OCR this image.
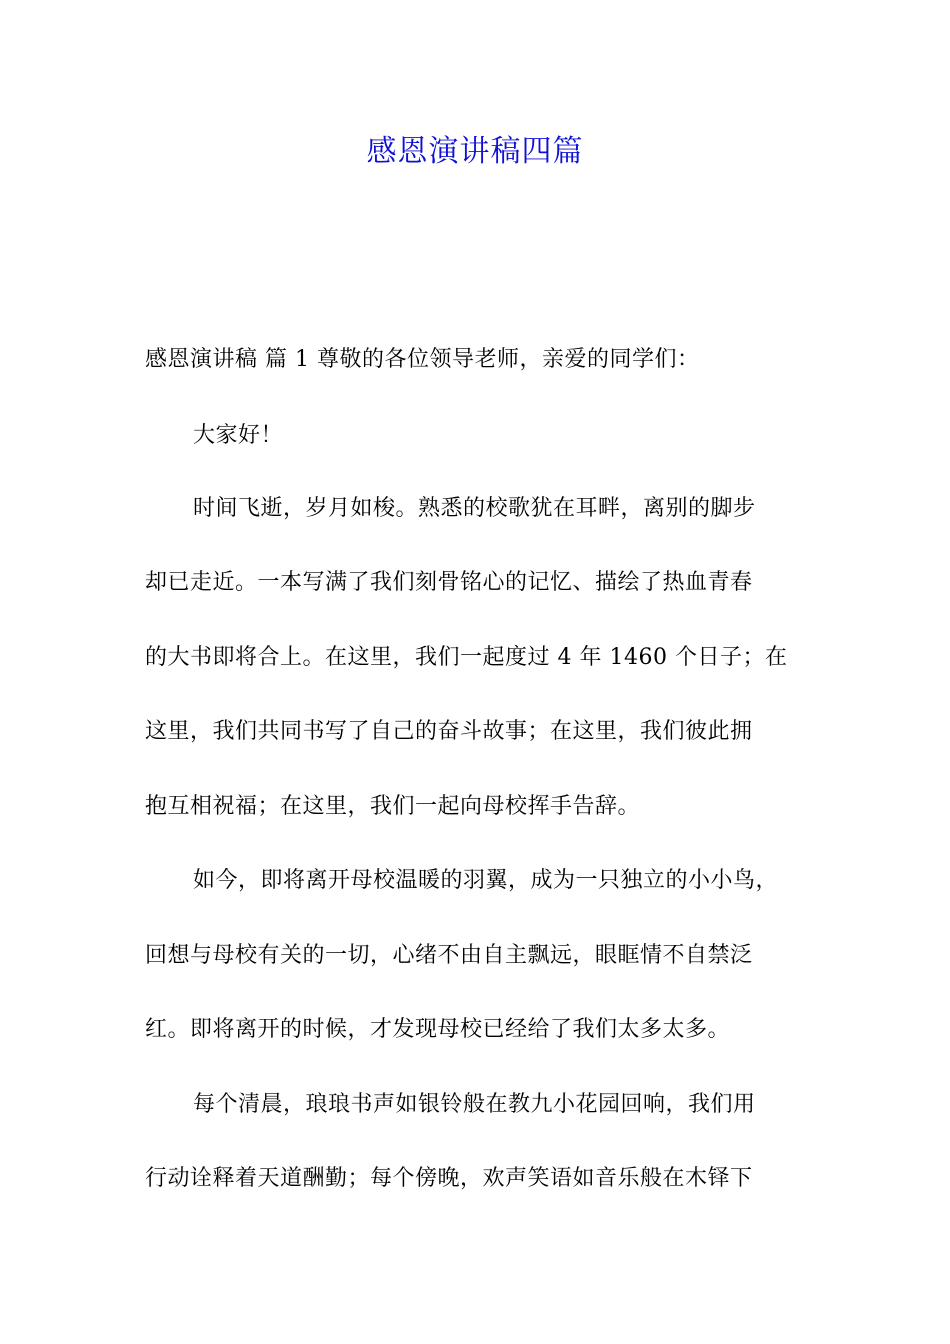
感恩演讲稿四篇
感恩演讲稿 篇 1 尊敬的各位领导老师，亲爱的同学们：
大家好！
时间飞逝，岁月如梭。熟悉的校歌犹在耳畔，离别的脚步
却已走近。一本写满了我们刻骨铭心的记忆、描绘了热血青春
的大书即将合上。在这里，我们一起度过 4 年 1460 个日子；在
这里，我们共同书写了自己的奋斗故事；在这里，我们彼此拥
抱互相祝福；在这里，我们一起向母校挥手告辞。
如今，即将离开母校温暖的羽翼，成为一只独立的小小鸟，
回想与母校有关的一切，心绪不由自主飘远，眼眶情不自禁泛
红。即将离开的时候，才发现母校已经给了我们太多太多。
每个清晨，琅琅书声如银铃般在教九小花园回响，我们用
行动诠释着天道酬勤；每个傍晚，欢声笑语如音乐般在木铎下
